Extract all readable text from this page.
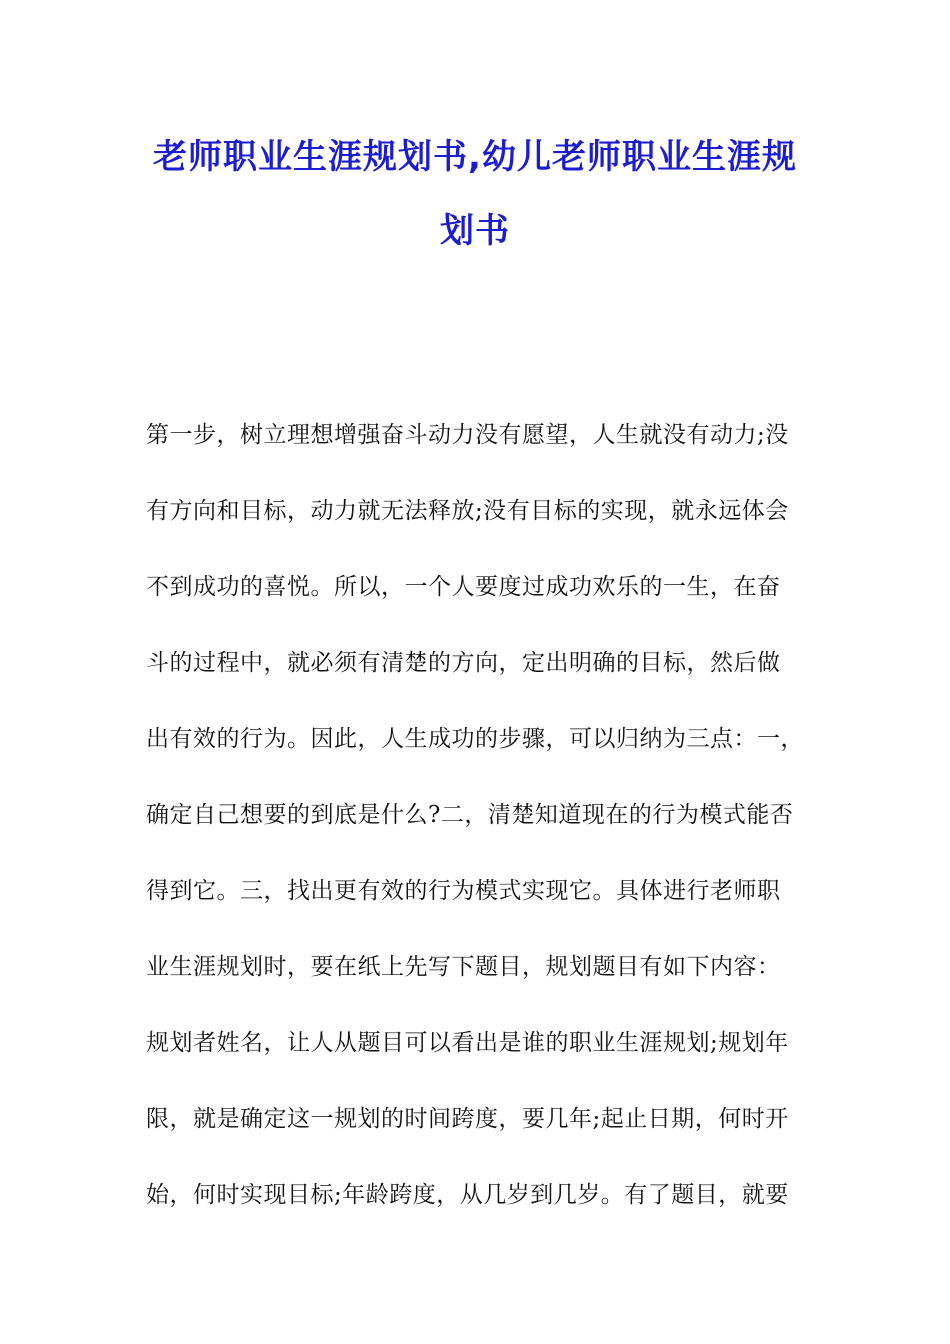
老师职业生涯规划书,幼儿老师职业生涯规
划书
第一步，树立理想增强奋斗动力没有愿望，人生就没有动力;没
有方向和目标，动力就无法释放;没有目标的实现，就永远体会
不到成功的喜悦。所以，一个人要度过成功欢乐的一生，在奋
斗的过程中，就必须有清楚的方向，定出明确的目标，然后做
出有效的行为。因此，人生成功的步骤，可以归纳为三点：一，
确定自己想要的到底是什么?二，清楚知道现在的行为模式能否
得到它。三，找出更有效的行为模式实现它。具体进行老师职
业生涯规划时，要在纸上先写下题目，规划题目有如下内容：
规划者姓名，让人从题目可以看出是谁的职业生涯规划;规划年
限，就是确定这一规划的时间跨度，要几年;起止日期，何时开
始，何时实现目标;年龄跨度，从几岁到几岁。有了题目，就要
